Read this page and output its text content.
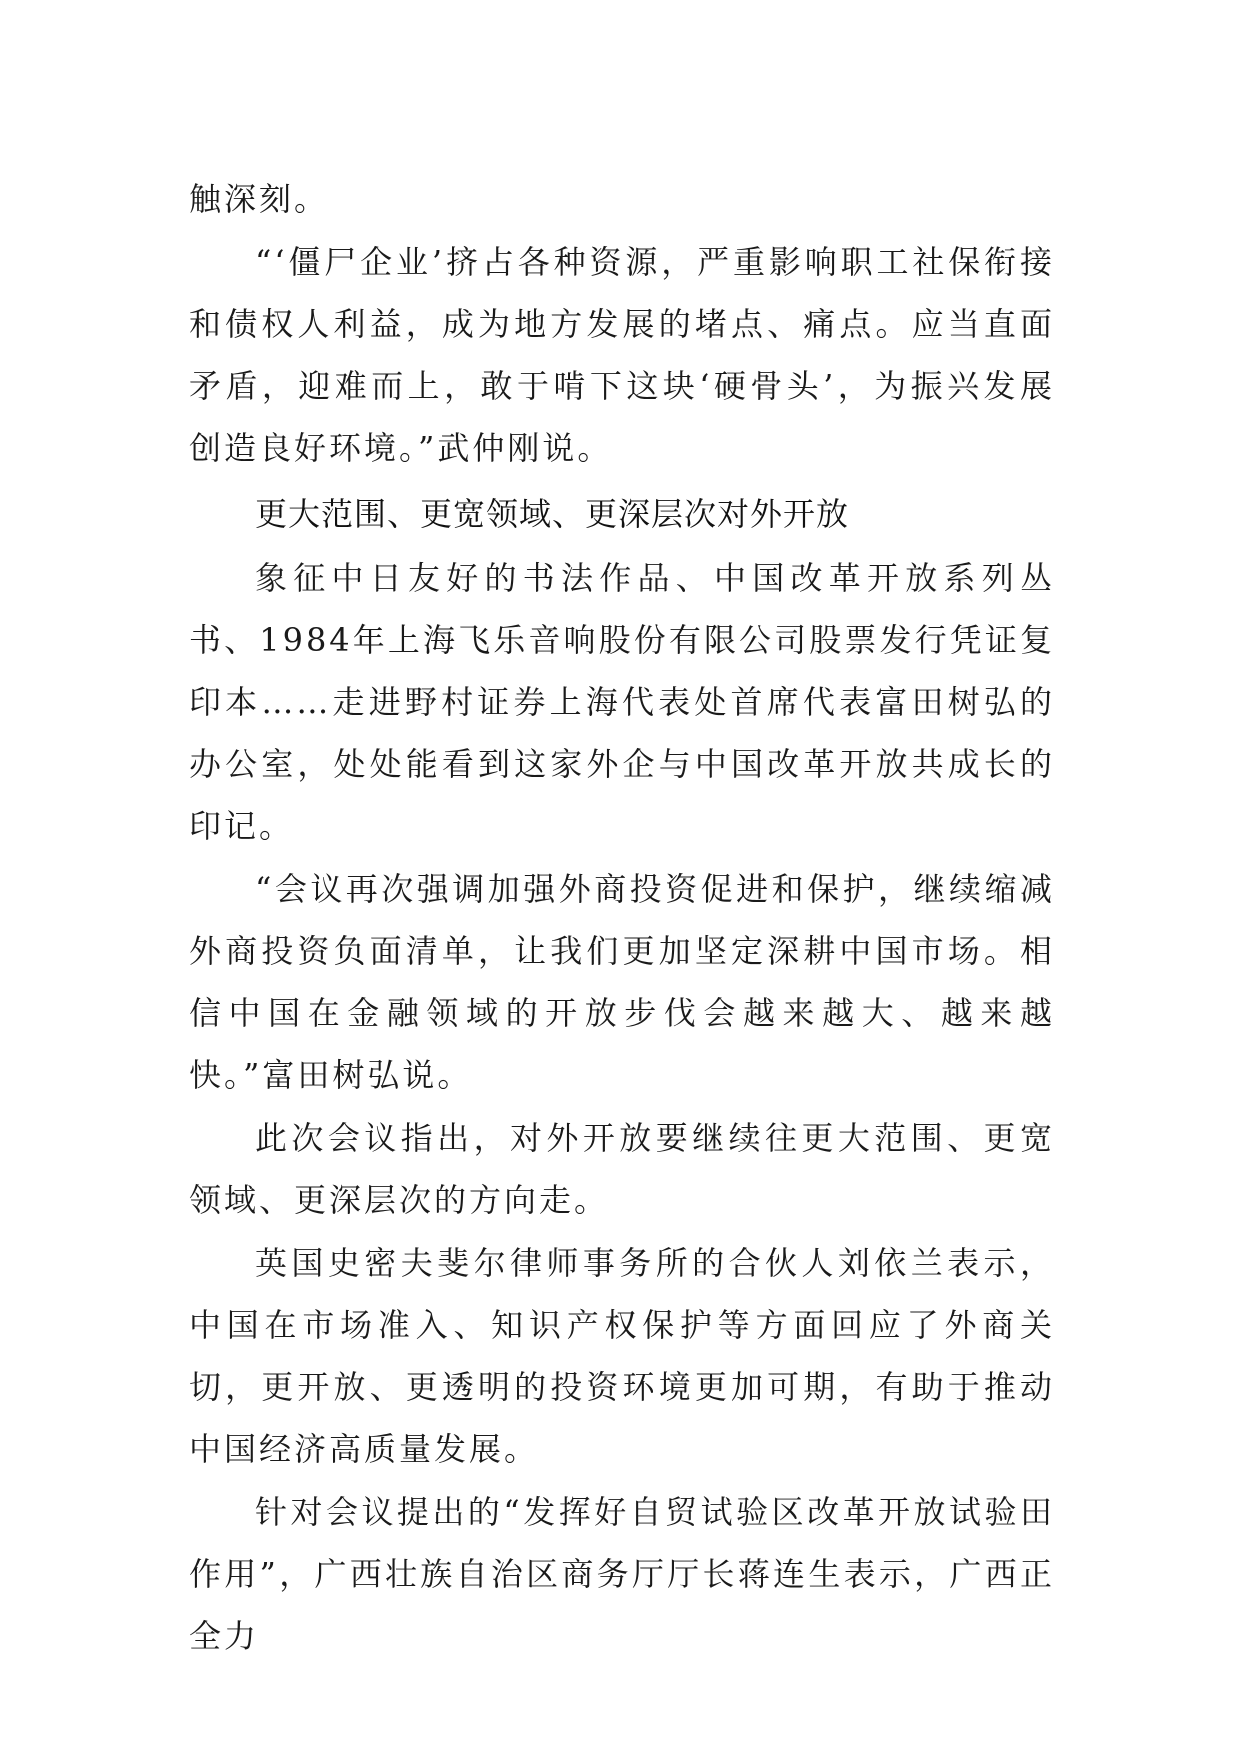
触深刻。

“‘僵尸企业’挤占各种资源，严重影响职工社保衔接和债权人利益，成为地方发展的堵点、痛点。应当直面矛盾，迎难而上，敢于啃下这块‘硬骨头’，为振兴发展创造良好环境。”武仲刚说。

更大范围、更宽领域、更深层次对外开放

象征中日友好的书法作品、中国改革开放系列丛书、1984年上海飞乐音响股份有限公司股票发行凭证复印本……走进野村证券上海代表处首席代表富田树弘的办公室，处处能看到这家外企与中国改革开放共成长的印记。

“会议再次强调加强外商投资促进和保护，继续缩减外商投资负面清单，让我们更加坚定深耕中国市场。相信中国在金融领域的开放步伐会越来越大、越来越快。”富田树弘说。

此次会议指出，对外开放要继续往更大范围、更宽领域、更深层次的方向走。

英国史密夫斐尔律师事务所的合伙人刘依兰表示，中国在市场准入、知识产权保护等方面回应了外商关切，更开放、更透明的投资环境更加可期，有助于推动中国经济高质量发展。

针对会议提出的“发挥好自贸试验区改革开放试验田作用”，广西壮族自治区商务厅厅长蒋连生表示，广西正全力
